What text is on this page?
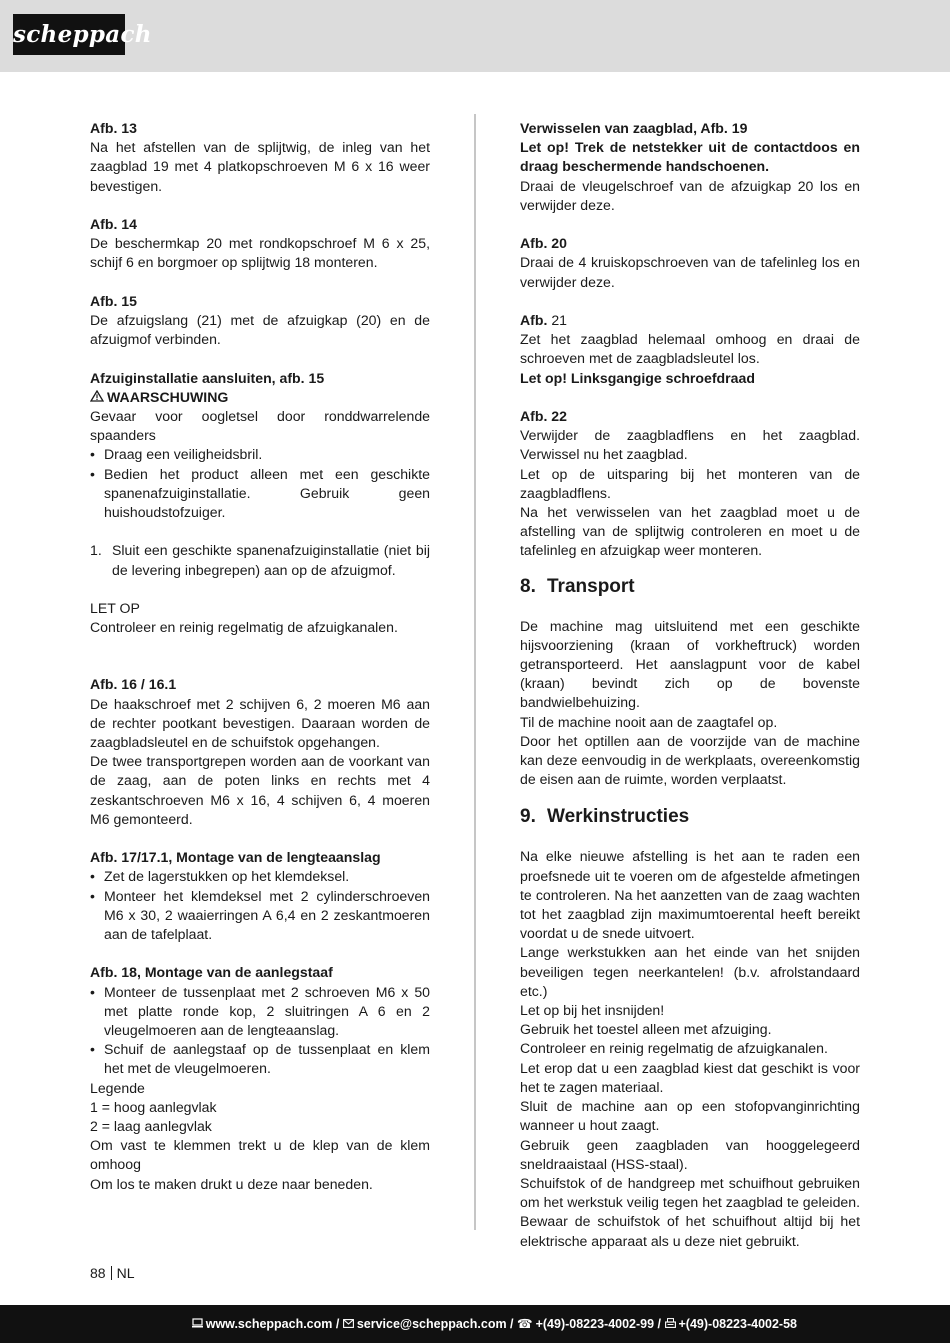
scheppach

Afb. 13

Na het afstellen van de splijtwig, de inleg van het zaagblad 19 met 4 platkopschroeven M 6 x 16 weer bevestigen.

Afb. 14

De beschermkap 20 met rondkopschroef M 6 x 25, schijf 6 en borgmoer op splijtwig 18 monteren.

Afb. 15

De afzuigslang (21) met de afzuigkap (20) en de afzuigmof verbinden.

Afzuiginstallatie aansluiten, afb. 15

WAARSCHUWING

Gevaar voor oogletsel door ronddwarrelende spaanders

• Draag een veiligheidsbril.

• Bedien het product alleen met een geschikte spanenafzuiginstallatie. Gebruik geen huishoudstofzuiger.

1. Sluit een geschikte spanenafzuiginstallatie (niet bij de levering inbegrepen) aan op de afzuigmof.

LET OP

Controleer en reinig regelmatig de afzuigkanalen.

Afb. 16 / 16.1

De haakschroef met 2 schijven 6, 2 moeren M6 aan de rechter pootkant bevestigen. Daaraan worden de zaagbladsleutel en de schuifstok opgehangen.

De twee transportgrepen worden aan de voorkant van de zaag, aan de poten links en rechts met 4 zeskantschroeven M6 x 16, 4 schijven 6, 4 moeren M6 gemonteerd.

Afb. 17/17.1, Montage van de lengteaanslag

• Zet de lagerstukken op het klemdeksel.

• Monteer het klemdeksel met 2 cylinderschroeven M6 x 30, 2 waaierringen A 6,4 en 2 zeskantmoeren aan de tafelplaat.

Afb. 18, Montage van de aanlegstaaf

• Monteer de tussenplaat met 2 schroeven M6 x 50 met platte ronde kop, 2 sluitringen A 6 en 2 vleugelmoeren aan de lengteaanslag.

• Schuif de aanlegstaaf op de tussenplaat en klem het met de vleugelmoeren.

Legende

1 = hoog aanlegvlak

2 = laag aanlegvlak

Om vast te klemmen trekt u de klep van de klem omhoog

Om los te maken drukt u deze naar beneden.

Verwisselen van zaagblad, Afb. 19

Let op! Trek de netstekker uit de contactdoos en draag beschermende handschoenen.

Draai de vleugelschroef van de afzuigkap 20 los en verwijder deze.

Afb. 20

Draai de 4 kruiskopschroeven van de tafelinleg los en verwijder deze.

Afb. 21

Zet het zaagblad helemaal omhoog en draai de schroeven met de zaagbladsleutel los.

Let op! Linksgangige schroefdraad

Afb. 22

Verwijder de zaagbladflens en het zaagblad. Verwissel nu het zaagblad.

Let op de uitsparing bij het monteren van de zaagbladflens.

Na het verwisselen van het zaagblad moet u de afstelling van de splijtwig controleren en moet u de tafelinleg en afzuigkap weer monteren.

8. Transport

De machine mag uitsluitend met een geschikte hijsvoorziening (kraan of vorkheftruck) worden getransporteerd. Het aanslagpunt voor de kabel (kraan) bevindt zich op de bovenste bandwielbehuizing.

Til de machine nooit aan de zaagtafel op.

Door het optillen aan de voorzijde van de machine kan deze eenvoudig in de werkplaats, overeenkomstig de eisen aan de ruimte, worden verplaatst.

9. Werkinstructies

Na elke nieuwe afstelling is het aan te raden een proefsnede uit te voeren om de afgestelde afmetingen te controleren. Na het aanzetten van de zaag wachten tot het zaagblad zijn maximumtoerental heeft bereikt voordat u de snede uitvoert.

Lange werkstukken aan het einde van het snijden beveiligen tegen neerkantelen! (b.v. afrolstandaard etc.)

Let op bij het insnijden!

Gebruik het toestel alleen met afzuiging.

Controleer en reinig regelmatig de afzuigkanalen.

Let erop dat u een zaagblad kiest dat geschikt is voor het te zagen materiaal.

Sluit de machine aan op een stofopvanginrichting wanneer u hout zaagt.

Gebruik geen zaagbladen van hooggelegeerd sneldraaistaal (HSS-staal).

Schuifstok of de handgreep met schuifhout gebruiken om het werkstuk veilig tegen het zaagblad te geleiden. Bewaar de schuifstok of het schuifhout altijd bij het elektrische apparaat als u deze niet gebruikt.

88 NL
www.scheppach.com / service@scheppach.com / ☎ +(49)-08223-4002-99 / +(49)-08223-4002-58
